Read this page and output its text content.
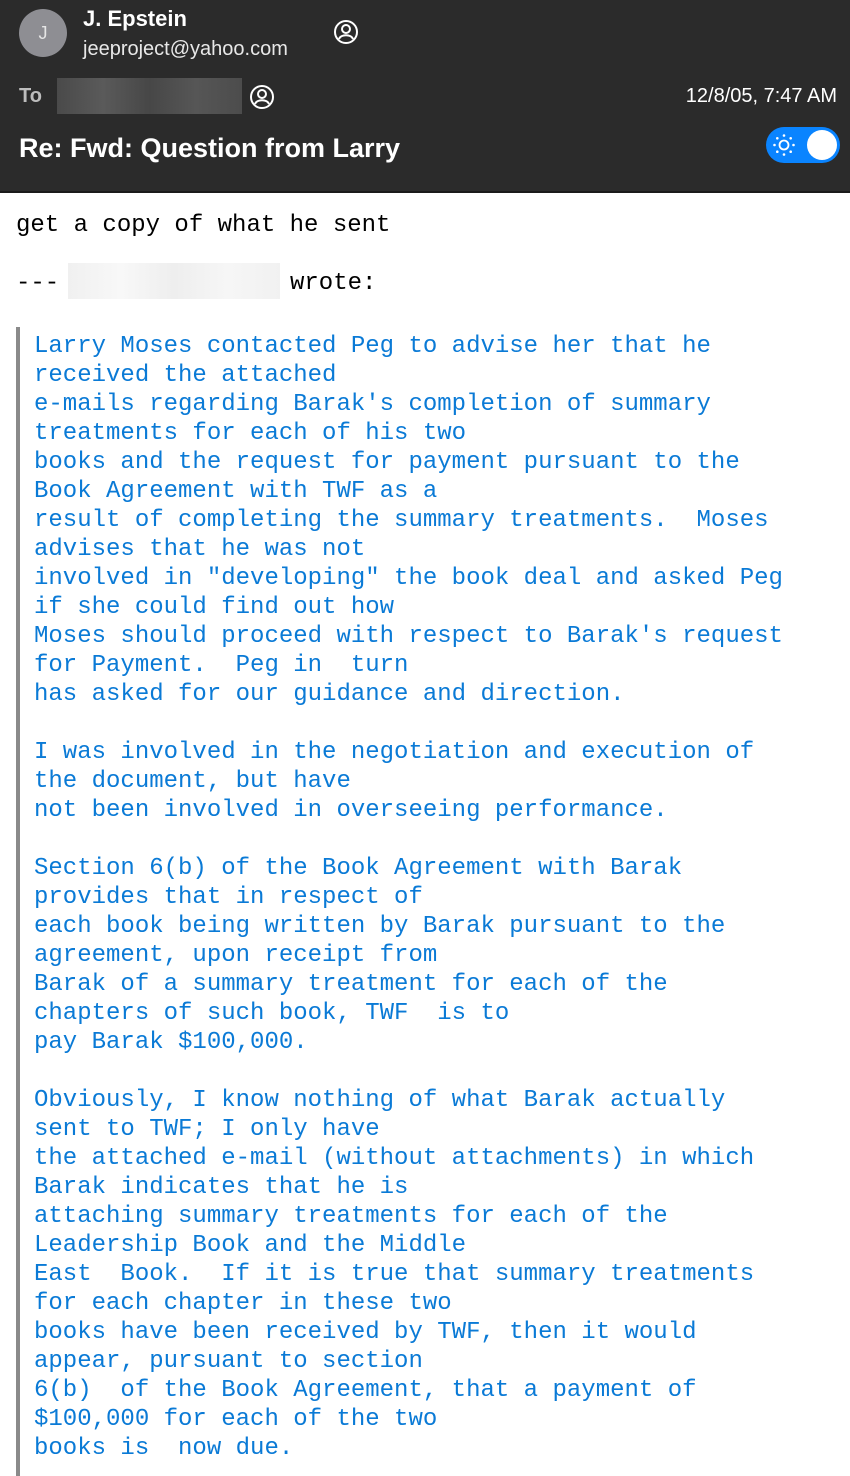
J
J. Epstein
jeeproject@yahoo.com
To	12/8/05, 7:47 AM
Re: Fwd: Question from Larry
get a copy of what he sent
---	wrote:
Larry Moses contacted Peg to advise her that he
received the attached
e-mails regarding Barak's completion of summary
treatments for each of his two
books and the request for payment pursuant to the
Book Agreement with TWF as a
result of completing the summary treatments.  Moses
advises that he was not
involved in "developing" the book deal and asked Peg
if she could find out how
Moses should proceed with respect to Barak's request
for Payment.  Peg in  turn
has asked for our guidance and direction.
I was involved in the negotiation and execution of
the document, but have
not been involved in overseeing performance.
Section 6(b) of the Book Agreement with Barak
provides that in respect of
each book being written by Barak pursuant to the
agreement, upon receipt from
Barak of a summary treatment for each of the
chapters of such book, TWF  is to
pay Barak $100,000.
Obviously, I know nothing of what Barak actually
sent to TWF; I only have
the attached e-mail (without attachments) in which
Barak indicates that he is
attaching summary treatments for each of the
Leadership Book and the Middle
East  Book.  If it is true that summary treatments
for each chapter in these two
books have been received by TWF, then it would
appear, pursuant to section
6(b)  of the Book Agreement, that a payment of
$100,000 for each of the two
books is  now due.
